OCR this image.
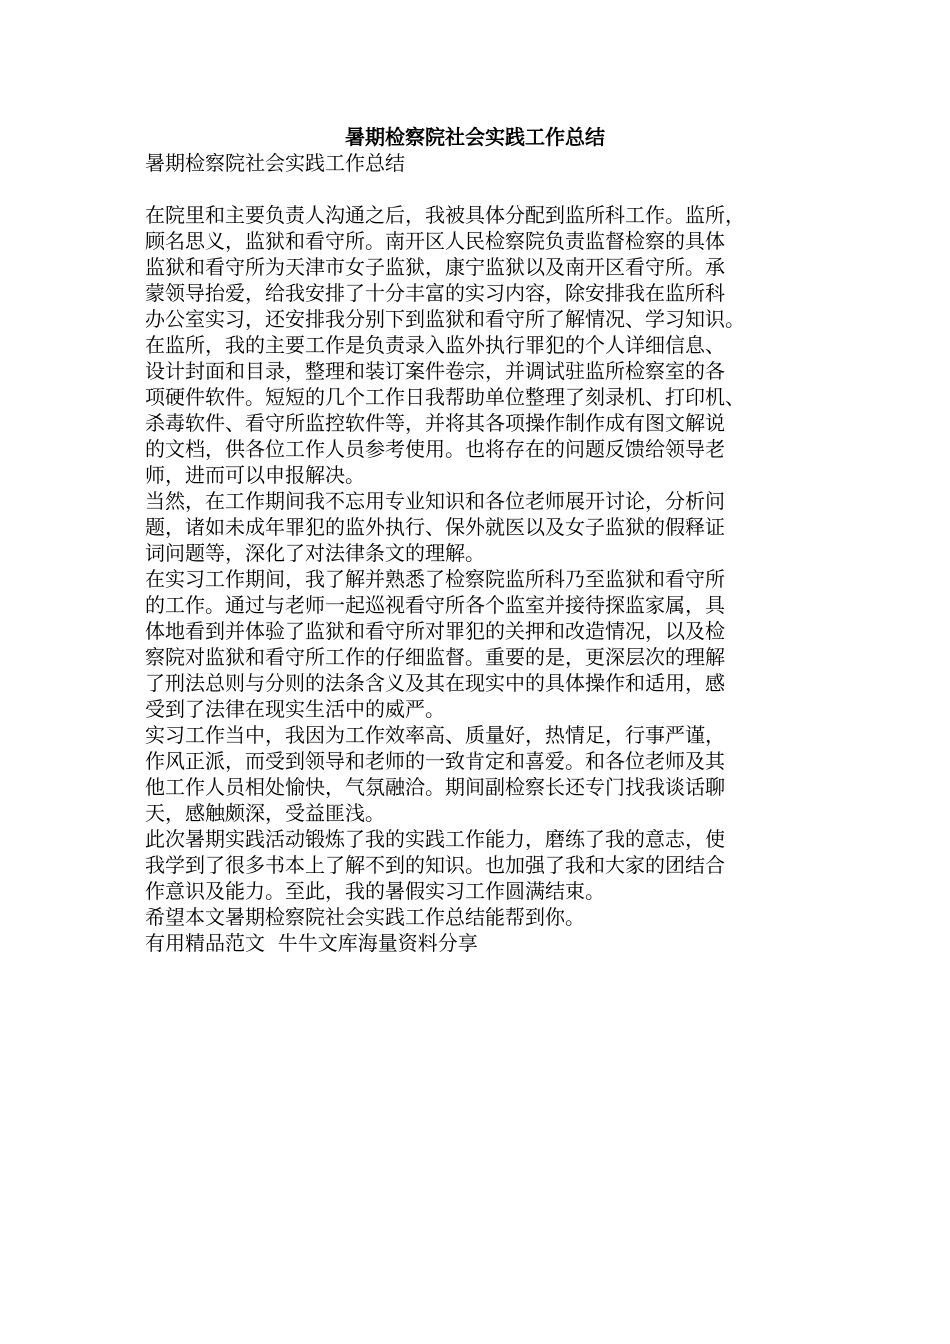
暑期检察院社会实践工作总结

暑期检察院社会实践工作总结

在院里和主要负责人沟通之后，我被具体分配到监所科工作。监所，
顾名思义，监狱和看守所。南开区人民检察院负责监督检察的具体
监狱和看守所为天津市女子监狱，康宁监狱以及南开区看守所。承
蒙领导抬爱，给我安排了十分丰富的实习内容，除安排我在监所科
办公室实习，还安排我分别下到监狱和看守所了解情况、学习知识。

在监所，我的主要工作是负责录入监外执行罪犯的个人详细信息、
设计封面和目录，整理和装订案件卷宗，并调试驻监所检察室的各
项硬件软件。短短的几个工作日我帮助单位整理了刻录机、打印机、
杀毒软件、看守所监控软件等，并将其各项操作制作成有图文解说
的文档，供各位工作人员参考使用。也将存在的问题反馈给领导老
师，进而可以申报解决。

当然，在工作期间我不忘用专业知识和各位老师展开讨论，分析问
题，诸如未成年罪犯的监外执行、保外就医以及女子监狱的假释证
词问题等，深化了对法律条文的理解。

在实习工作期间，我了解并熟悉了检察院监所科乃至监狱和看守所
的工作。通过与老师一起巡视看守所各个监室并接待探监家属，具
体地看到并体验了监狱和看守所对罪犯的关押和改造情况，以及检
察院对监狱和看守所工作的仔细监督。重要的是，更深层次的理解
了刑法总则与分则的法条含义及其在现实中的具体操作和适用，感
受到了法律在现实生活中的威严。

实习工作当中，我因为工作效率高、质量好，热情足，行事严谨，
作风正派，而受到领导和老师的一致肯定和喜爱。和各位老师及其
他工作人员相处愉快，气氛融洽。期间副检察长还专门找我谈话聊
天，感触颇深，受益匪浅。

此次暑期实践活动锻炼了我的实践工作能力，磨练了我的意志，使
我学到了很多书本上了解不到的知识。也加强了我和大家的团结合
作意识及能力。至此，我的暑假实习工作圆满结束。

希望本文暑期检察院社会实践工作总结能帮到你。

有用精品范文  牛牛文库海量资料分享
